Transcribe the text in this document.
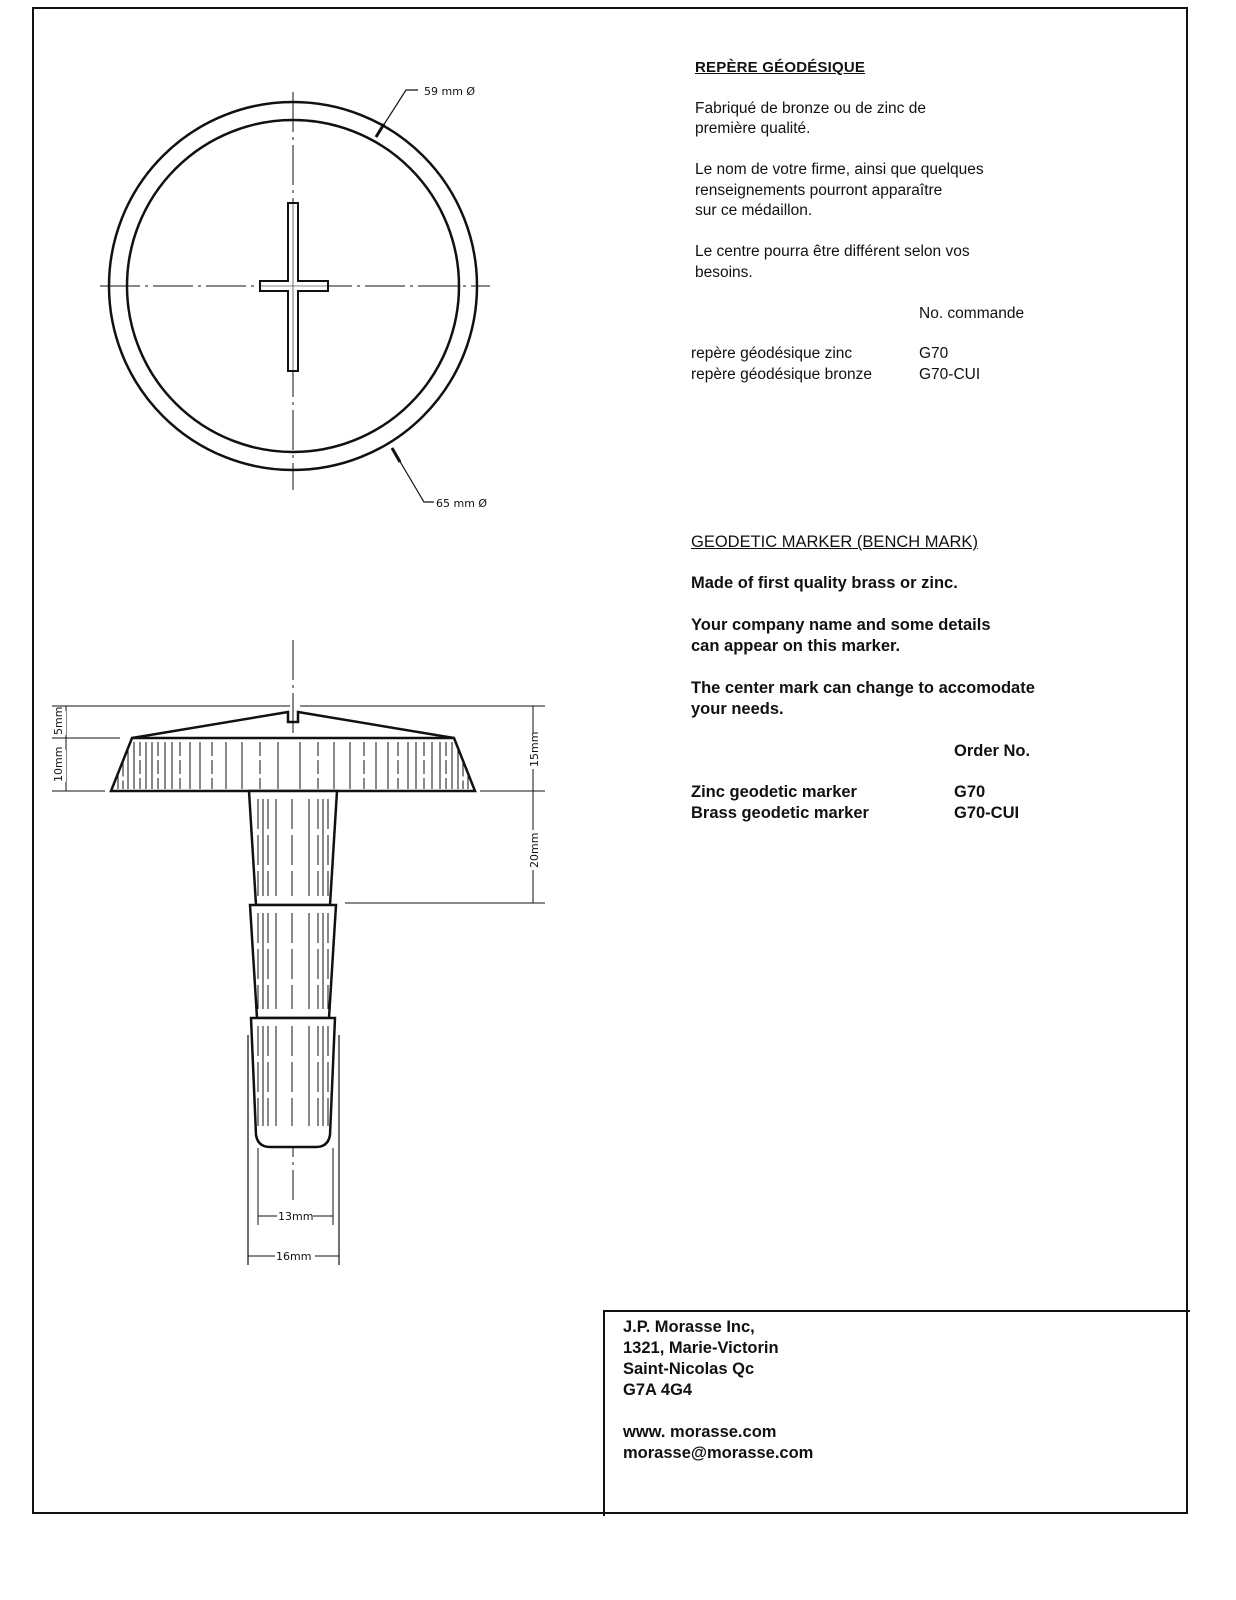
59 mm Ø
65 mm Ø
5mm
10mm	15mm
20mm
13mm
16mm
REPÈRE GÉODÉSIQUE

Fabriqué de bronze ou de zinc de
première qualité.

Le nom de votre firme, ainsi que quelques
renseignements pourront apparaître
sur ce médaillon.

Le centre pourra être différent selon vos
besoins.

No. commande
repère géodésique zinc	G70
repère géodésique bronze	G70-CUI
GEODETIC MARKER (BENCH MARK)

Made of first quality brass or zinc.

Your company name and some details
can appear on this marker.

The center mark can change to accomodate
your needs.

Order No.
Zinc geodetic marker	G70
Brass geodetic marker	G70-CUI
J.P. Morasse Inc,
1321, Marie-Victorin
Saint-Nicolas Qc
G7A 4G4
www. morasse.com
morasse@morasse.com
